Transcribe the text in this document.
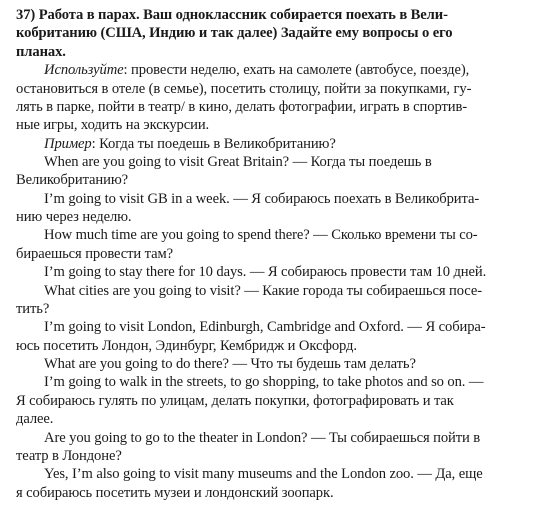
37) Работа в парах. Ваш одноклассник собирается поехать в Вели-
кобританию (США, Индию и так далее) Задайте ему вопросы о его
планах.
Используйте: провести неделю, ехать на самолете (автобусе, поезде),
остановиться в отеле (в семье), посетить столицу, пойти за покупками, гу-
лять в парке, пойти в театр/ в кино, делать фотографии, играть в спортив-
ные игры, ходить на экскурсии.
Пример: Когда ты поедешь в Великобританию?
When are you going to visit Great Britain? — Когда ты поедешь в
Великобританию?
I’m going to visit GB in a week. — Я собираюсь поехать в Великобрита-
нию через неделю.
How much time are you going to spend there? — Сколько времени ты со-
бираешься провести там?
I’m going to stay there for 10 days. — Я собираюсь провести там 10 дней.
What cities are you going to visit? — Какие города ты собираешься посе-
тить?
I’m going to visit London, Edinburgh, Cambridge and Oxford. — Я собира-
юсь посетить Лондон, Эдинбург, Кембридж и Оксфорд.
What are you going to do there? — Что ты будешь там делать?
I’m going to walk in the streets, to go shopping, to take photos and so on. —
Я собираюсь гулять по улицам, делать покупки, фотографировать и так
далее.
Are you going to go to the theater in London? — Ты собираешься пойти в
театр в Лондоне?
Yes, I’m also going to visit many museums and the London zoo. — Да, еще
я собираюсь посетить музеи и лондонский зоопарк.
